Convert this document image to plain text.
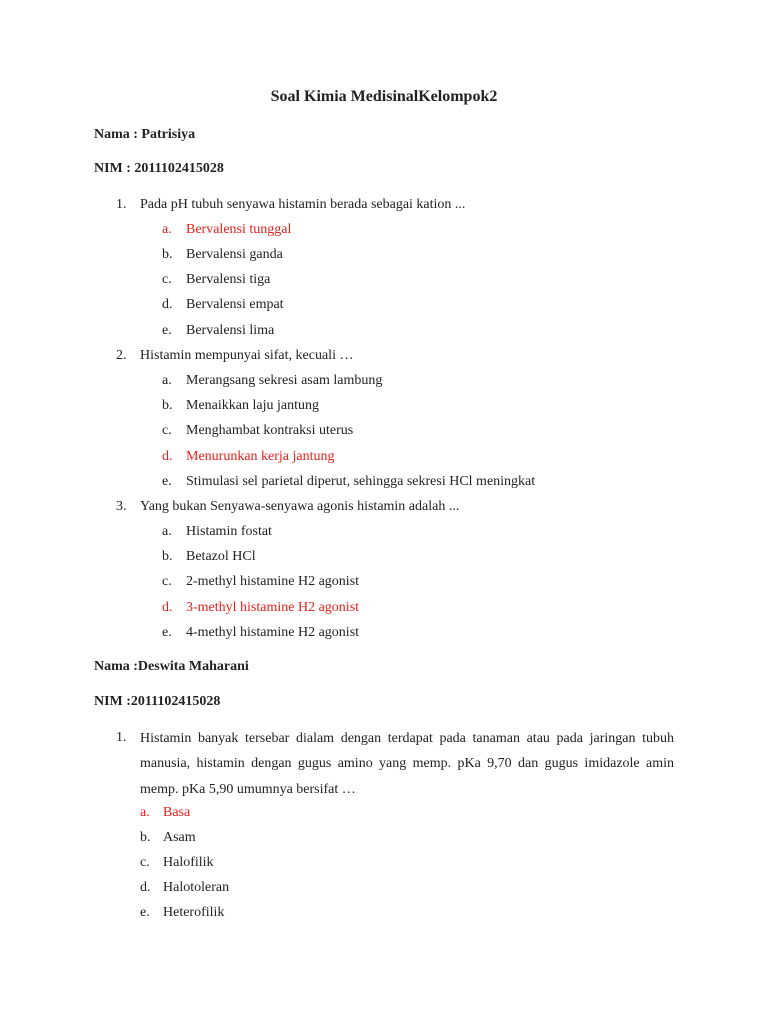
Soal Kimia MedisinalKelompok2
Nama : Patrisiya
NIM : 2011102415028
1. Pada pH tubuh senyawa histamin berada sebagai kation ...
a. Bervalensi tunggal
b. Bervalensi ganda
c. Bervalensi tiga
d. Bervalensi empat
e. Bervalensi lima
2. Histamin mempunyai sifat, kecuali …
a. Merangsang sekresi asam lambung
b. Menaikkan laju jantung
c. Menghambat kontraksi uterus
d. Menurunkan kerja jantung
e. Stimulasi sel parietal diperut, sehingga sekresi HCl meningkat
3. Yang bukan Senyawa-senyawa agonis histamin adalah ...
a. Histamin fostat
b. Betazol HCl
c. 2-methyl histamine H2 agonist
d. 3-methyl histamine H2 agonist
e. 4-methyl histamine H2 agonist
Nama :Deswita Maharani
NIM :2011102415028
1. Histamin banyak tersebar dialam dengan terdapat pada tanaman atau pada jaringan tubuh manusia, histamin dengan gugus amino yang memp. pKa 9,70 dan gugus imidazole amin memp. pKa 5,90 umumnya bersifat …
a. Basa
b. Asam
c. Halofilik
d. Halotoleran
e. Heterofilik
